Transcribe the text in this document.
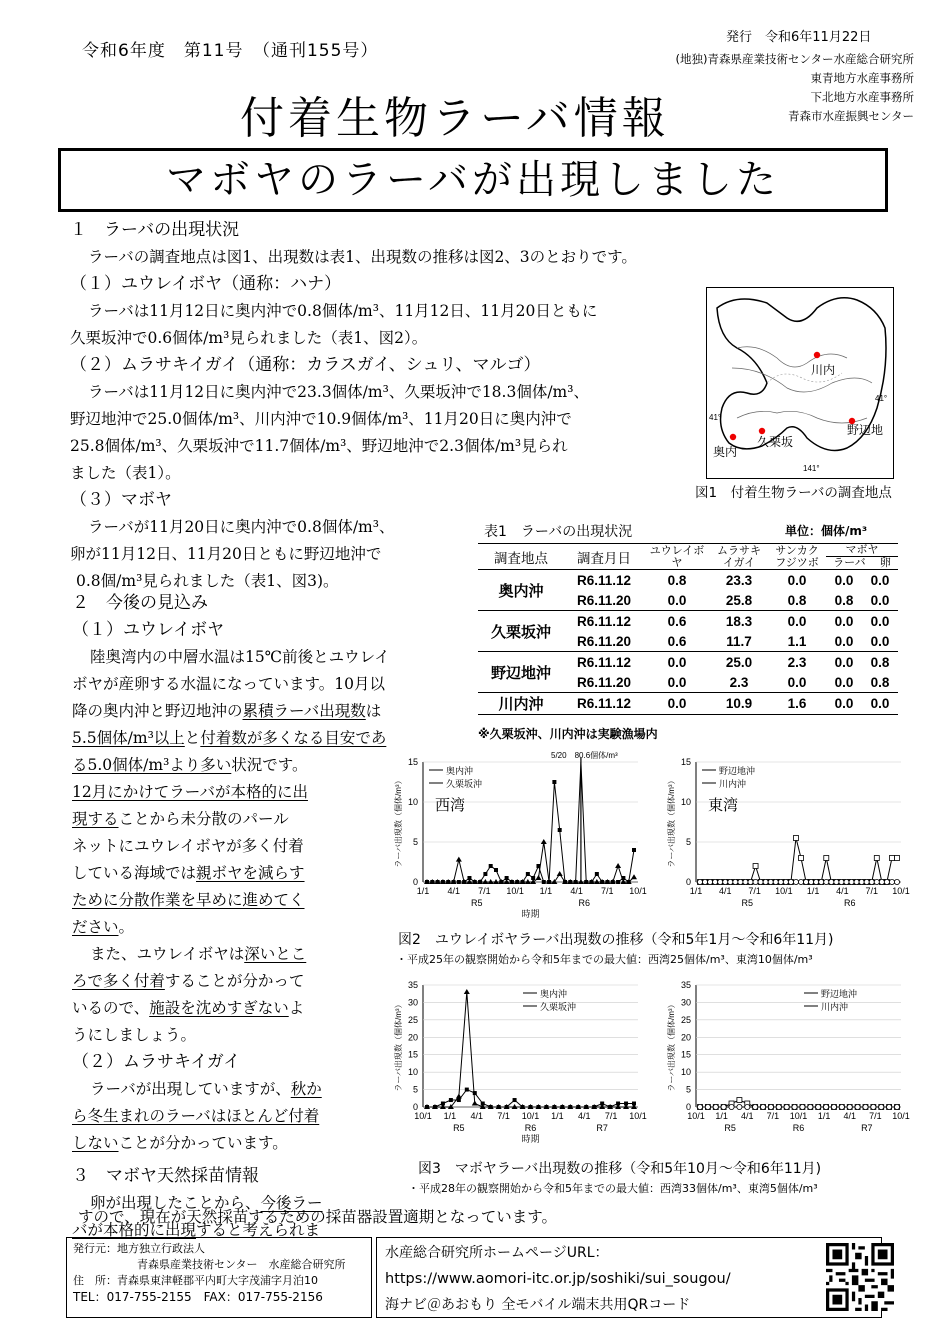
令和6年度　第11号　（通刊155号）
発行　令和6年11月22日
(地独)青森県産業技術センター水産総合研究所
東青地方水産事務所
下北地方水産事務所
青森市水産振興センター
付着生物ラーバ情報
マボヤのラーバが出現しました
１　ラーバの出現状況
ラーバの調査地点は図1、出現数は表1、出現数の推移は図2、3のとおりです。
（１）ユウレイボヤ（通称：ハナ）
ラーバは11月12日に奥内沖で0.8個体/m³、11月12日、11月20日ともに
久栗坂沖で0.6個体/m³見られました（表1、図2）。
（２）ムラサキイガイ（通称：カラスガイ、シュリ、マルゴ）
ラーバは11月12日に奥内沖で23.3個体/m³、久栗坂沖で18.3個体/m³、
野辺地沖で25.0個体/m³、川内沖で10.9個体/m³、11月20日に奥内沖で
25.8個体/m³、久栗坂沖で11.7個体/m³、野辺地沖で2.3個体/m³見られ
ました（表1）。
（３）マボヤ
ラーバが11月20日に奥内沖で0.8個体/m³、
卵が11月12日、11月20日ともに野辺地沖で
0.8個/m³見られました（表1、図3)。
川内
野辺地
久栗坂
奥内
141°
41°
41°
図1　付着生物ラーバの調査地点
表1　ラーバの出現状況	単位：個体/m³
調査地点	調査月日	ユウレイボヤ	ムラサキイガイ	サンカクフジツボ	マボヤ
ラーバ 卵	

奥内沖	R6.11.12	0.8	23.3	0.0	0.0	0.0
	R6.11.20	0.0	25.8	0.8	0.8	0.0
久栗坂沖	R6.11.12	0.6	18.3	0.0	0.0	0.0
	R6.11.20	0.6	11.7	1.1	0.0	0.0
野辺地沖	R6.11.12	0.0	25.0	2.3	0.0	0.8
	R6.11.20	0.0	2.3	0.0	0.0	0.8
川内沖	R6.11.12	0.0	10.9	1.6	0.0	0.0
※久栗坂沖、川内沖は実験漁場内
２　今後の見込み
（１）ユウレイボヤ
陸奥湾内の中層水温は15℃前後とユウレイ
ボヤが産卵する水温になっています。10月以
降の奥内沖と野辺地沖の累積ラーバ出現数は
5.5個体/m³以上と付着数が多くなる目安であ
る5.0個体/m³より多い状況です。
12月にかけてラーバが本格的に出
現することから未分散のパール
ネットにユウレイボヤが多く付着
している海域では親ボヤを減らす
ために分散作業を早めに進めてく
ださい。
また、ユウレイボヤは深いとこ
ろで多く付着することが分かって
いるので、施設を沈めすぎないよ
うにしましょう。
（２）ムラサキイガイ
ラーバが出現していますが、秋か
ら冬生まれのラーバはほとんど付着
しないことが分かっています。
３　マボヤ天然採苗情報
卵が出現したことから、今後ラー
バが本格的に出現すると考えられま
すので、現在が天然採苗するための採苗器設置適期となっています。
0
5
10
15
ラーバ出現数（個体/m³）
1/1 4/1 7/1 10/1 1/1 4/1 7/1 10/1
R5	R6
時期
西湾
5/20　80.6個体/m³
奥内沖
久栗坂沖
0
5
10
15
ラーバ出現数（個体/m³）
1/1 4/1 7/1 10/1 1/1 4/1 7/1 10/1
R5	R6
東湾
野辺地沖
川内沖
図2　ユウレイボヤラーバ出現数の推移（令和5年1月〜令和6年11月)
・平成25年の観察開始から令和5年までの最大値：西湾25個体/m³、東湾10個体/m³
0
5
10
15
20
25
30
35
ラーバ出現数（個体/m³）
10/1 1/1 4/1 7/1 10/1 1/1 4/1 7/1 10/1
R5	R6	R7
時期
奥内沖
久栗坂沖
0
5
10
15
20
25
30
35
ラーバ出現数（個体/m³）
10/1 1/1 4/1 7/1 10/1 1/1 4/1 7/1 10/1
R5	R6	R7
野辺地沖
川内沖
図3　マボヤラーバ出現数の推移（令和5年10月〜令和6年11月)
・平成28年の観察開始から令和5年までの最大値：西湾33個体/m³、東湾5個体/m³
発行元：地方独立行政法人
青森県産業技術センター　水産総合研究所
住　所：青森県東津軽郡平内町大字茂浦字月泊10
TEL：017-755-2155　FAX：017-755-2156
水産総合研究所ホームページURL：
https://www.aomori-itc.or.jp/soshiki/sui_sougou/
海ナビ＠あおもり 全モバイル端末共用QRコード
